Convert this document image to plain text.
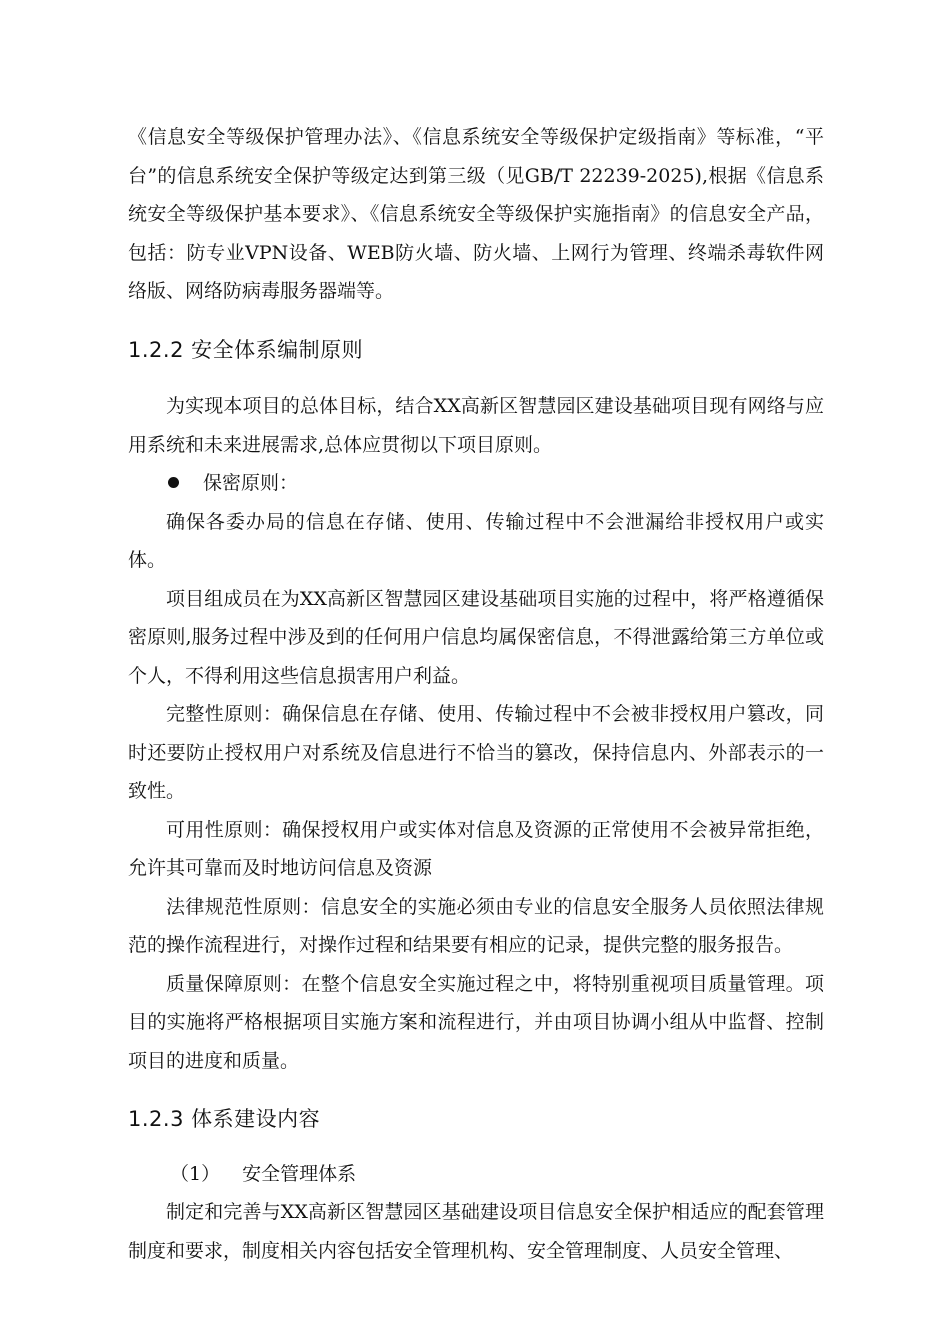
《信息安全等级保护管理办法》、《信息系统安全等级保护定级指南》等标准，“平台”的信息系统安全保护等级定达到第三级（见GB/T 22239-2025),根据《信息系统安全等级保护基本要求》、《信息系统安全等级保护实施指南》的信息安全产品，包括：防专业VPN设备、WEB防火墙、防火墙、上网行为管理、终端杀毒软件网络版、网络防病毒服务器端等。

1.2.2 安全体系编制原则

为实现本项目的总体目标，结合XX高新区智慧园区建设基础项目现有网络与应用系统和未来进展需求,总体应贯彻以下项目原则。

保密原则：

确保各委办局的信息在存储、使用、传输过程中不会泄漏给非授权用户或实体。

项目组成员在为XX高新区智慧园区建设基础项目实施的过程中，将严格遵循保密原则,服务过程中涉及到的任何用户信息均属保密信息，不得泄露给第三方单位或个人，不得利用这些信息损害用户利益。

完整性原则：确保信息在存储、使用、传输过程中不会被非授权用户篡改，同时还要防止授权用户对系统及信息进行不恰当的篡改，保持信息内、外部表示的一致性。

可用性原则：确保授权用户或实体对信息及资源的正常使用不会被异常拒绝，允许其可靠而及时地访问信息及资源

法律规范性原则：信息安全的实施必须由专业的信息安全服务人员依照法律规范的操作流程进行，对操作过程和结果要有相应的记录，提供完整的服务报告。

质量保障原则：在整个信息安全实施过程之中，将特别重视项目质量管理。项目的实施将严格根据项目实施方案和流程进行，并由项目协调小组从中监督、控制项目的进度和质量。

1.2.3 体系建设内容

（1） 安全管理体系

制定和完善与XX高新区智慧园区基础建设项目信息安全保护相适应的配套管理制度和要求，制度相关内容包括安全管理机构、安全管理制度、人员安全管理、
